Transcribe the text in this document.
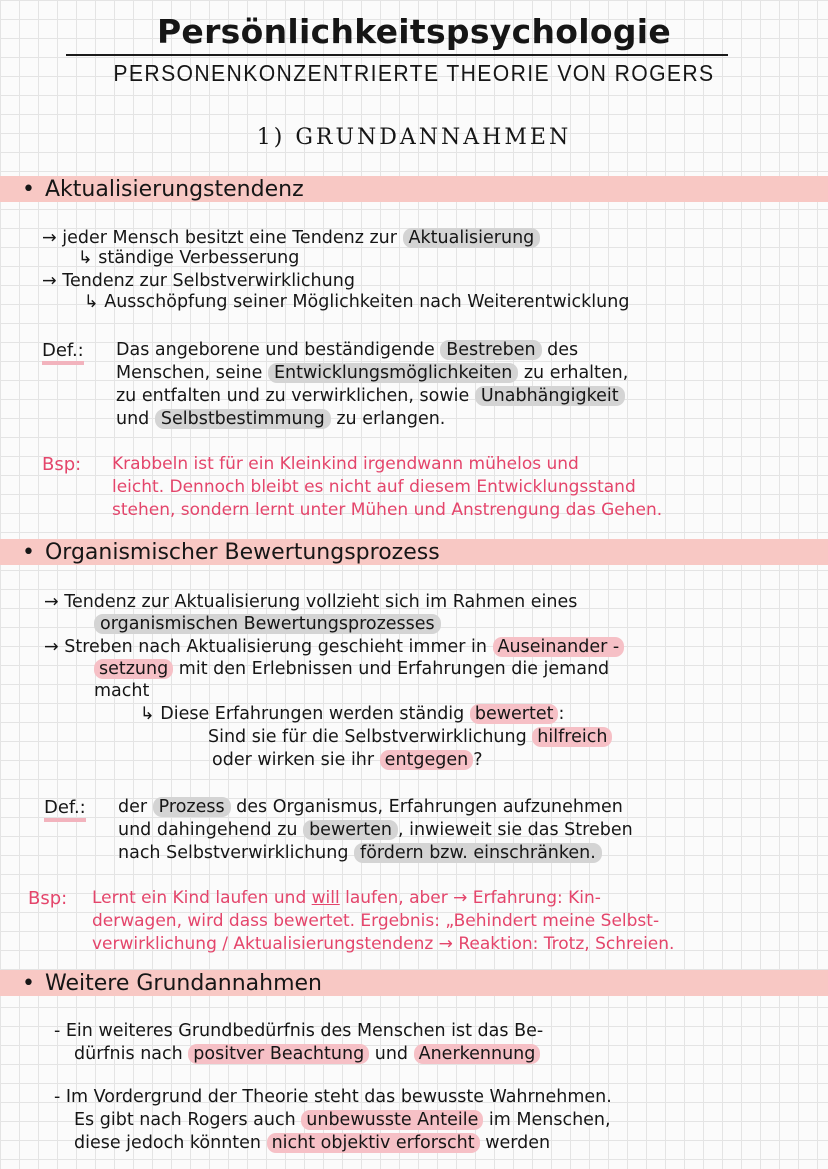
Persönlichkeitspsychologie
PERSONENKONZENTRIERTE THEORIE VON ROGERS
1) GRUNDANNAHMEN
• Aktualisierungstendenz
→ jeder Mensch besitzt eine Tendenz zur Aktualisierung
↳ ständige Verbesserung
→ Tendenz zur Selbstverwirklichung
↳ Ausschöpfung seiner Möglichkeiten nach Weiterentwicklung
Def.: Das angeborene und beständigende Bestreben des
Menschen, seine Entwicklungsmöglichkeiten zu erhalten,
zu entfalten und zu verwirklichen, sowie Unabhängigkeit
und Selbstbestimmung zu erlangen.
Bsp: Krabbeln ist für ein Kleinkind irgendwann mühelos und
leicht. Dennoch bleibt es nicht auf diesem Entwicklungsstand
stehen, sondern lernt unter Mühen und Anstrengung das Gehen.
• Organismischer Bewertungsprozess
→ Tendenz zur Aktualisierung vollzieht sich im Rahmen eines
organismischen Bewertungsprozesses
→ Streben nach Aktualisierung geschieht immer in Auseinander -
setzung mit den Erlebnissen und Erfahrungen die jemand
macht
↳ Diese Erfahrungen werden ständig bewertet :
Sind sie für die Selbstverwirklichung hilfreich
oder wirken sie ihr entgegen ?
Def.: der Prozess des Organismus, Erfahrungen aufzunehmen
und dahingehend zu bewerten , inwieweit sie das Streben
nach Selbstverwirklichung fördern bzw. einschränken.
Bsp: Lernt ein Kind laufen und will laufen, aber → Erfahrung: Kin-
derwagen, wird dass bewertet. Ergebnis: „Behindert meine Selbst-
verwirklichung / Aktualisierungstendenz → Reaktion: Trotz, Schreien.
• Weitere Grundannahmen
- Ein weiteres Grundbedürfnis des Menschen ist das Be-
dürfnis nach positver Beachtung und Anerkennung
- Im Vordergrund der Theorie steht das bewusste Wahrnehmen.
Es gibt nach Rogers auch unbewusste Anteile im Menschen,
diese jedoch könnten nicht objektiv erforscht werden
